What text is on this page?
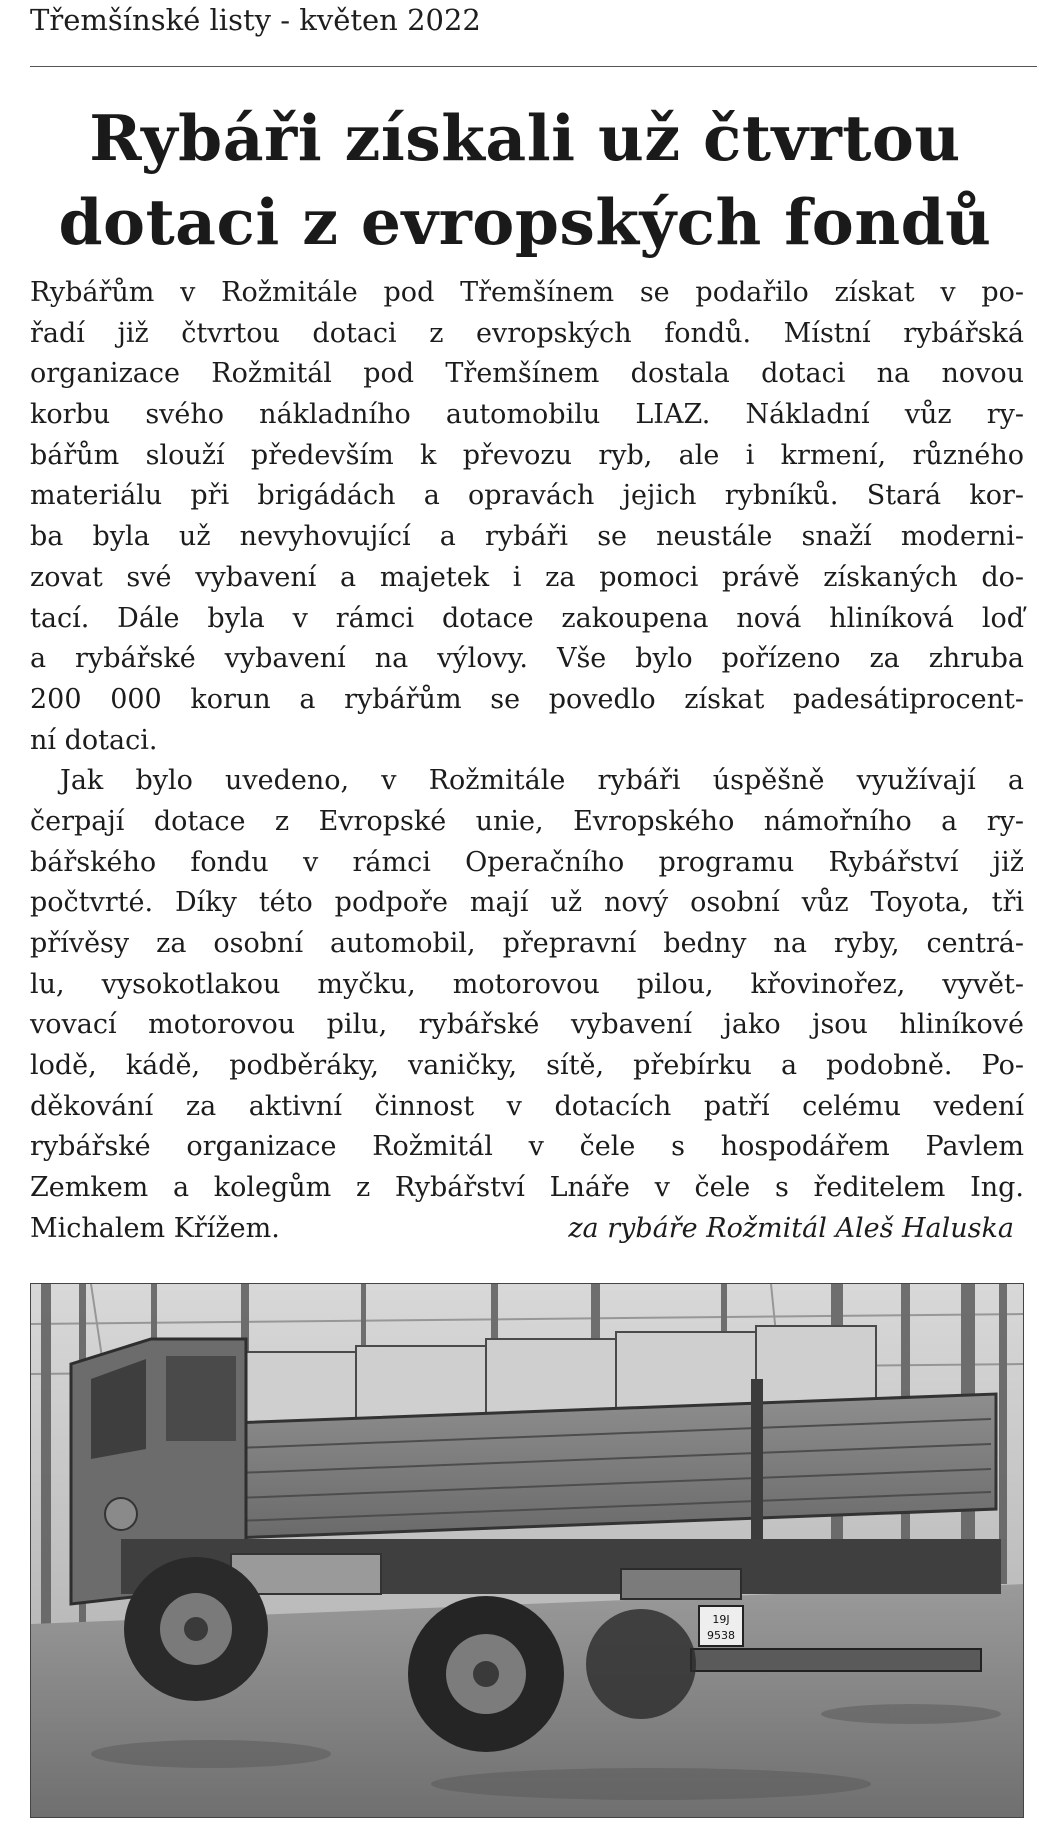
Třemšínské listy - květen 2022
Rybáři získali už čtvrtou
dotaci z evropských fondů
Rybářům v Rožmitále pod Třemšínem se podařilo získat v po-
řadí již čtvrtou dotaci z evropských fondů. Místní rybářská
organizace Rožmitál pod Třemšínem dostala dotaci na novou
korbu svého nákladního automobilu LIAZ. Nákladní vůz ry-
bářům slouží především k převozu ryb, ale i krmení, různého
materiálu při brigádách a opravách jejich rybníků. Stará kor-
ba byla už nevyhovující a rybáři se neustále snaží moderni-
zovat své vybavení a majetek i za pomoci právě získaných do-
tací. Dále byla v rámci dotace zakoupena nová hliníková loď
a rybářské vybavení na výlovy. Vše bylo pořízeno za zhruba
200 000 korun a rybářům se povedlo získat padesátiprocent-
ní dotaci.
Jak bylo uvedeno, v Rožmitále rybáři úspěšně využívají a
čerpají dotace z Evropské unie, Evropského námořního a ry-
bářského fondu v rámci Operačního programu Rybářství již
počtvrté. Díky této podpoře mají už nový osobní vůz Toyota, tři
přívěsy za osobní automobil, přepravní bedny na ryby, centrá-
lu, vysokotlakou myčku, motorovou pilou, křovinořez, vyvět-
vovací motorovou pilu, rybářské vybavení jako jsou hliníkové
lodě, kádě, podběráky, vaničky, sítě, přebírku a podobně. Po-
děkování za aktivní činnost v dotacích patří celému vedení
rybářské organizace Rožmitál v čele s hospodářem Pavlem
Zemkem a kolegům z Rybářství Lnáře v čele s ředitelem Ing.
Michalem Křížem.	za rybáře Rožmitál Aleš Haluska
19J
9538
